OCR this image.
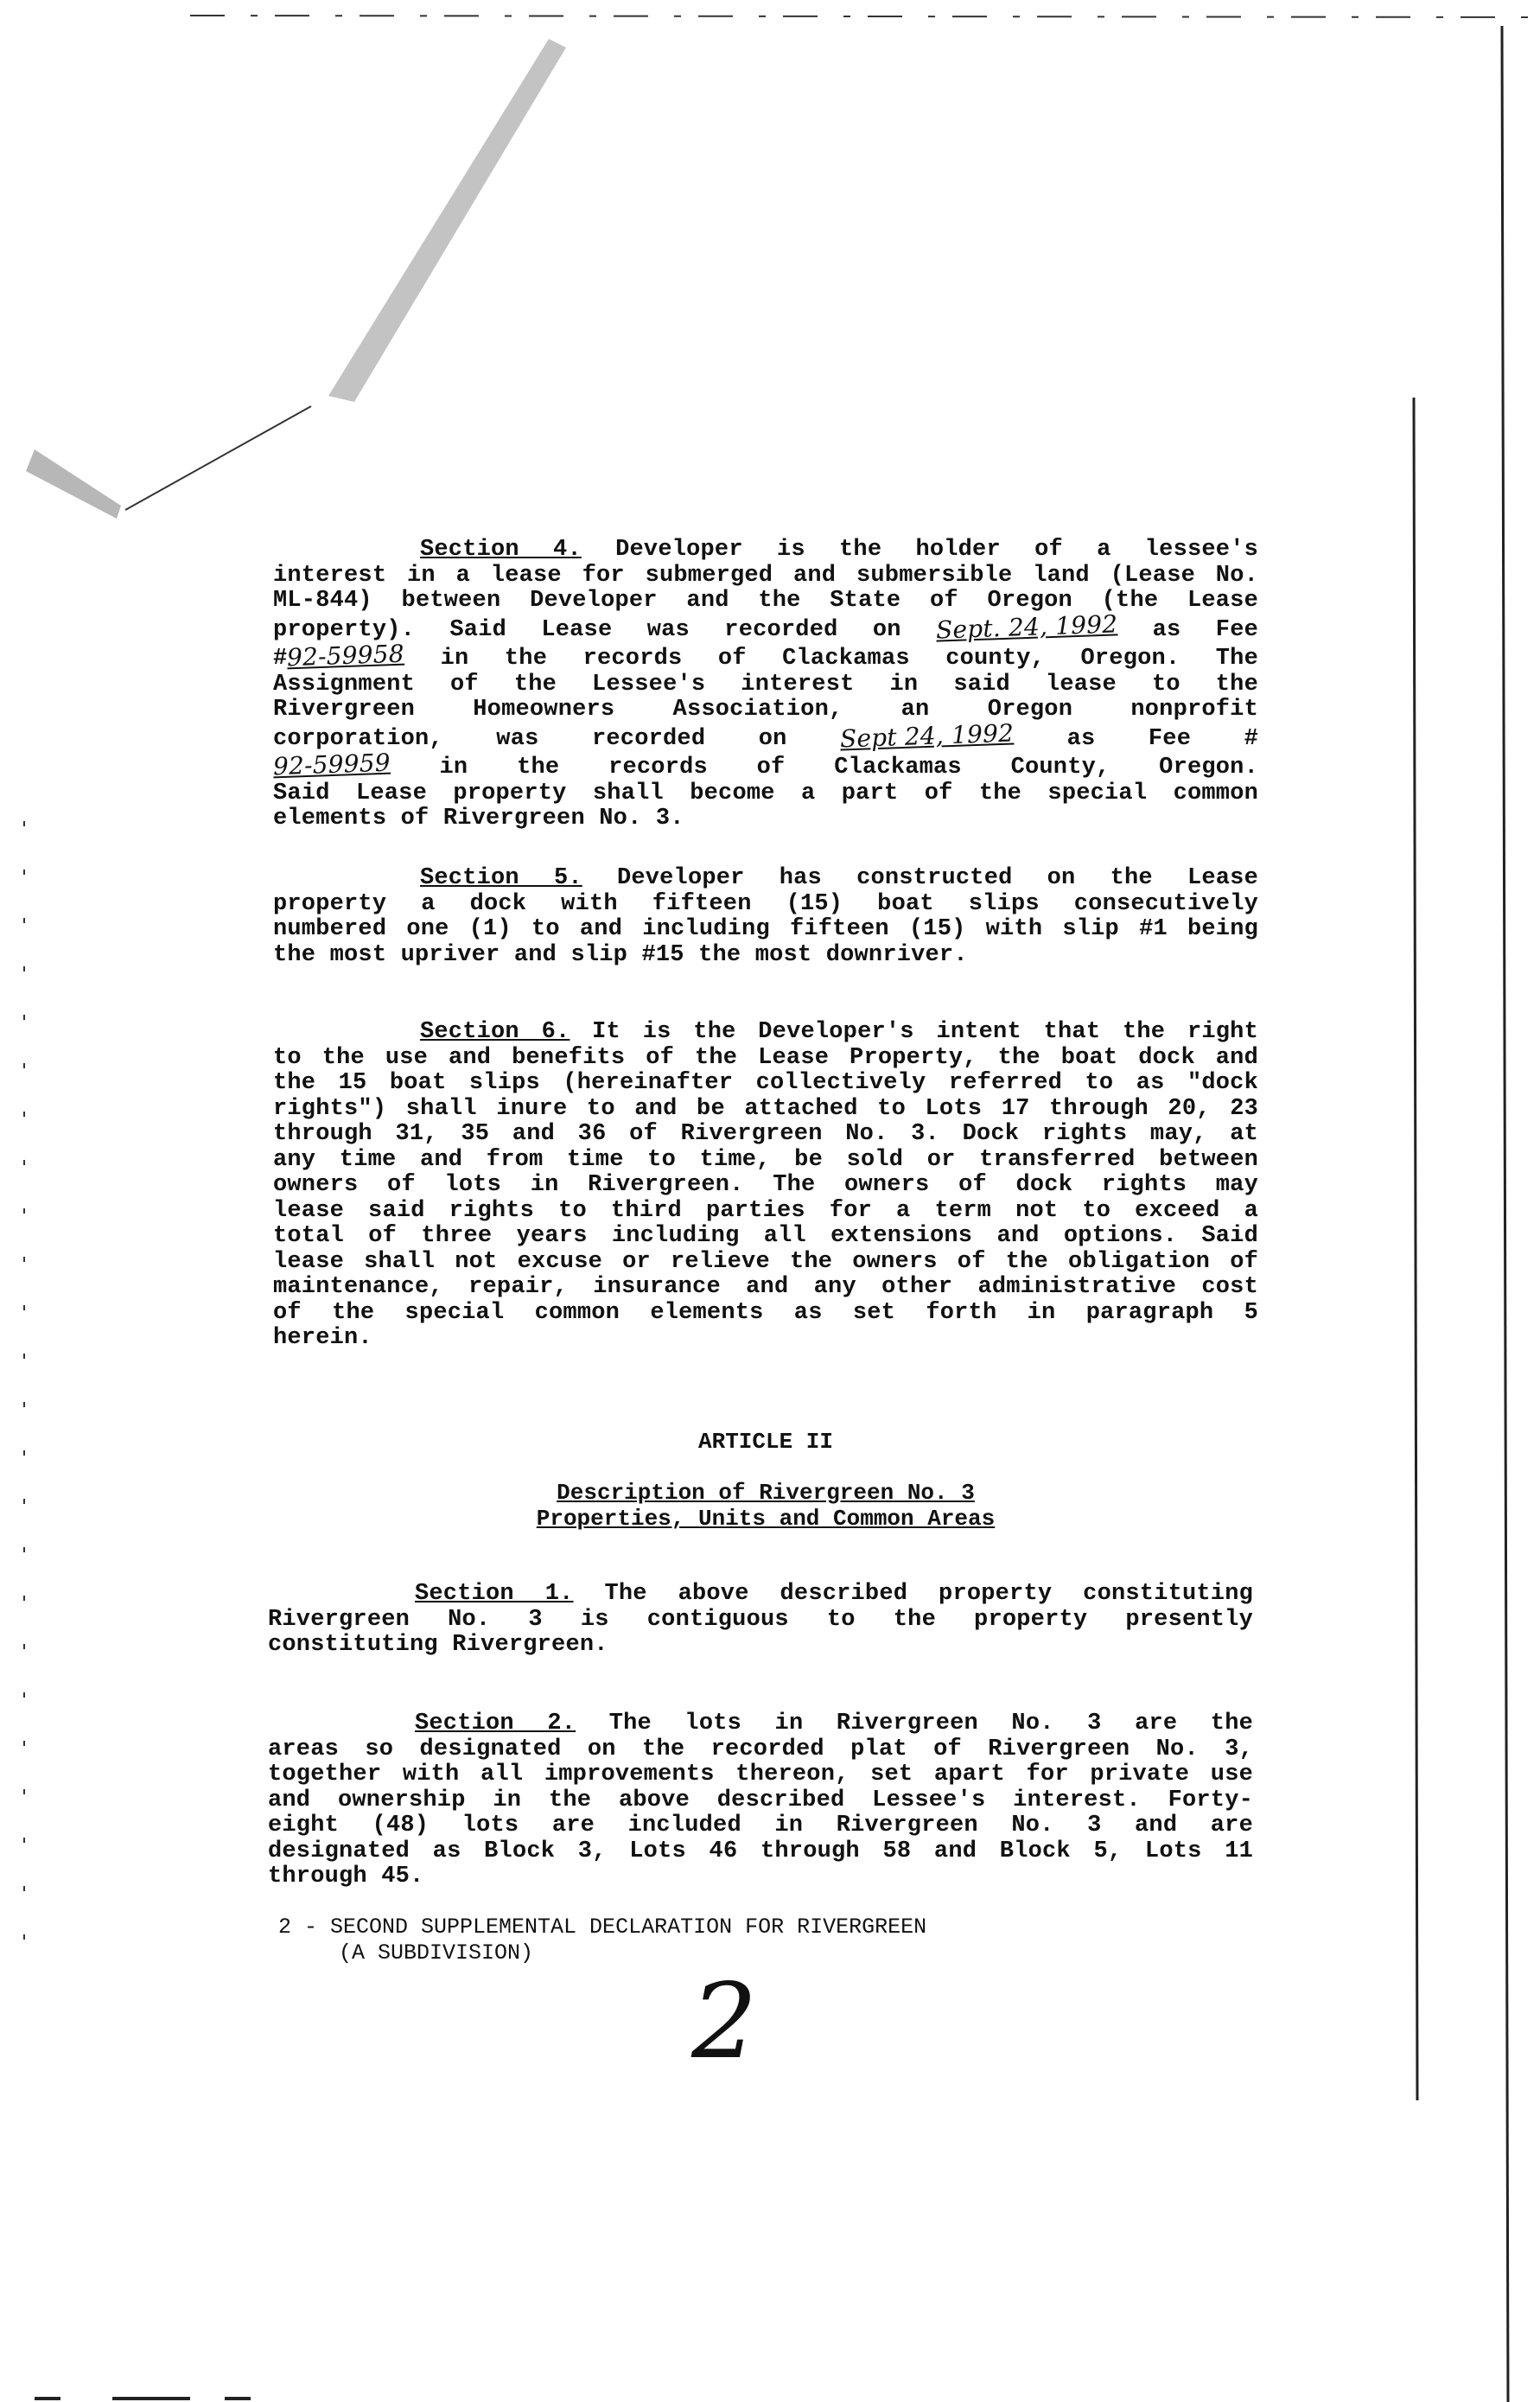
Section 4. Developer is the holder of a lessee's
interest in a lease for submerged and submersible land (Lease No.
ML-844) between Developer and the State of Oregon (the Lease
property). Said Lease was recorded on Sept. 24, 1992 as Fee
#92-59958 in the records of Clackamas county, Oregon. The
Assignment of the Lessee's interest in said lease to the
Rivergreen Homeowners Association, an Oregon nonprofit
corporation, was recorded on Sept 24, 1992 as Fee #
92-59959 in the records of Clackamas County, Oregon.
Said Lease property shall become a part of the special common
elements of Rivergreen No. 3.
Section 5. Developer has constructed on the Lease
property a dock with fifteen (15) boat slips consecutively
numbered one (1) to and including fifteen (15) with slip #1 being
the most upriver and slip #15 the most downriver.
Section 6. It is the Developer's intent that the right
to the use and benefits of the Lease Property, the boat dock and
the 15 boat slips (hereinafter collectively referred to as "dock
rights") shall inure to and be attached to Lots 17 through 20, 23
through 31, 35 and 36 of Rivergreen No. 3. Dock rights may, at
any time and from time to time, be sold or transferred between
owners of lots in Rivergreen. The owners of dock rights may
lease said rights to third parties for a term not to exceed a
total of three years including all extensions and options. Said
lease shall not excuse or relieve the owners of the obligation of
maintenance, repair, insurance and any other administrative cost
of the special common elements as set forth in paragraph 5
herein.
ARTICLE II
Description of Rivergreen No. 3
Properties, Units and Common Areas
Section 1. The above described property constituting
Rivergreen No. 3 is contiguous to the property presently
constituting Rivergreen.
Section 2. The lots in Rivergreen No. 3 are the
areas so designated on the recorded plat of Rivergreen No. 3,
together with all improvements thereon, set apart for private use
and ownership in the above described Lessee's interest. Forty-
eight (48) lots are included in Rivergreen No. 3 and are
designated as Block 3, Lots 46 through 58 and Block 5, Lots 11
through 45.
2 - SECOND SUPPLEMENTAL DECLARATION FOR RIVERGREEN
(A SUBDIVISION)
2
